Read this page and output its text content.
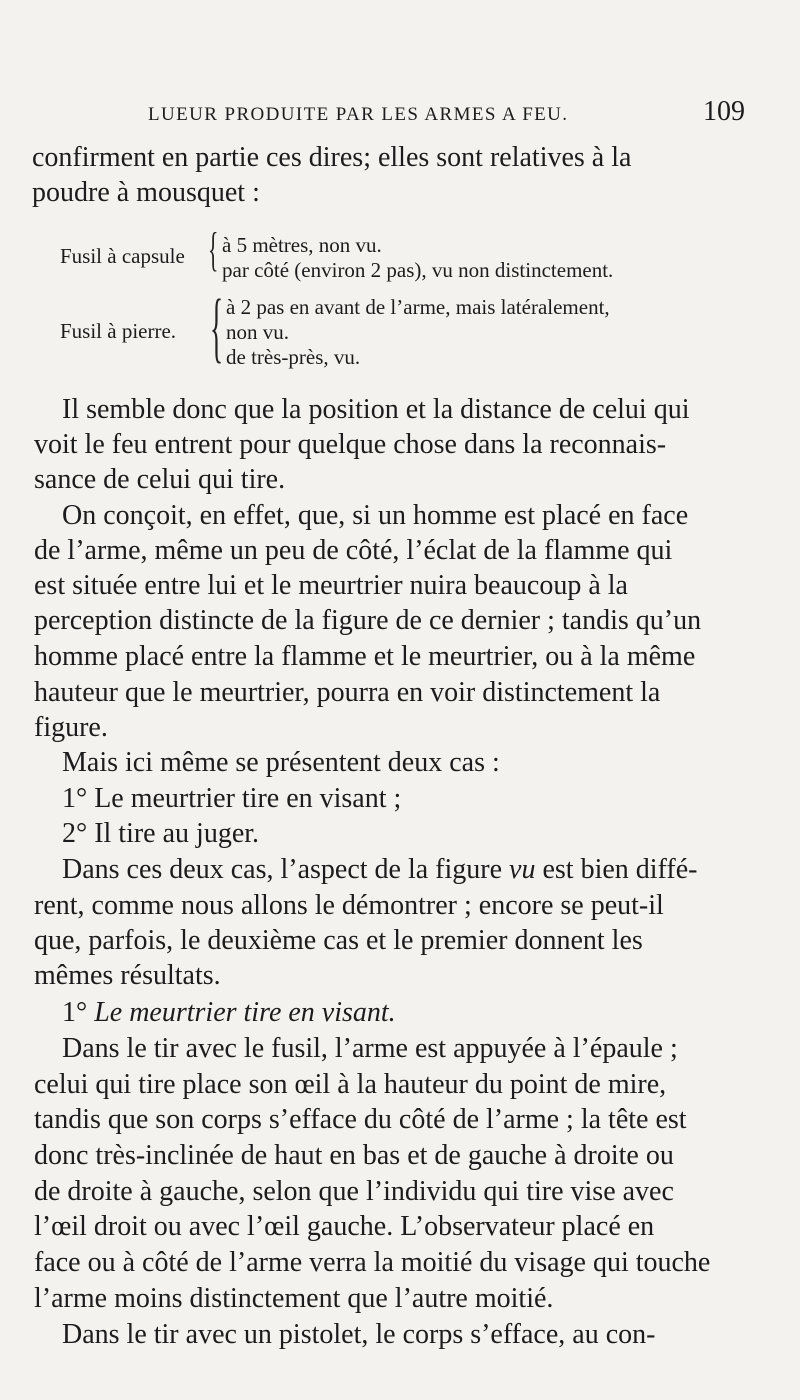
LUEUR PRODUITE PAR LES ARMES A FEU.	109
confirment en partie ces dires; elles sont relatives à la
poudre à mousquet :
Fusil à capsule { à 5 mètres, non vu.
par côté (environ 2 pas), vu non distinctement.
Fusil à pierre. { à 2 pas en avant de l’arme, mais latéralement,
non vu.
de très-près, vu.
Il semble donc que la position et la distance de celui qui
voit le feu entrent pour quelque chose dans la reconnais-
sance de celui qui tire.
On conçoit, en effet, que, si un homme est placé en face
de l’arme, même un peu de côté, l’éclat de la flamme qui
est située entre lui et le meurtrier nuira beaucoup à la
perception distincte de la figure de ce dernier ; tandis qu’un
homme placé entre la flamme et le meurtrier, ou à la même
hauteur que le meurtrier, pourra en voir distinctement la
figure.
Mais ici même se présentent deux cas :
1° Le meurtrier tire en visant ;
2° Il tire au juger.
Dans ces deux cas, l’aspect de la figure vu est bien diffé-
rent, comme nous allons le démontrer ; encore se peut-il
que, parfois, le deuxième cas et le premier donnent les
mêmes résultats.
1° Le meurtrier tire en visant.
Dans le tir avec le fusil, l’arme est appuyée à l’épaule ;
celui qui tire place son œil à la hauteur du point de mire,
tandis que son corps s’efface du côté de l’arme ; la tête est
donc très-inclinée de haut en bas et de gauche à droite ou
de droite à gauche, selon que l’individu qui tire vise avec
l’œil droit ou avec l’œil gauche. L’observateur placé en
face ou à côté de l’arme verra la moitié du visage qui touche
l’arme moins distinctement que l’autre moitié.
Dans le tir avec un pistolet, le corps s’efface, au con-
